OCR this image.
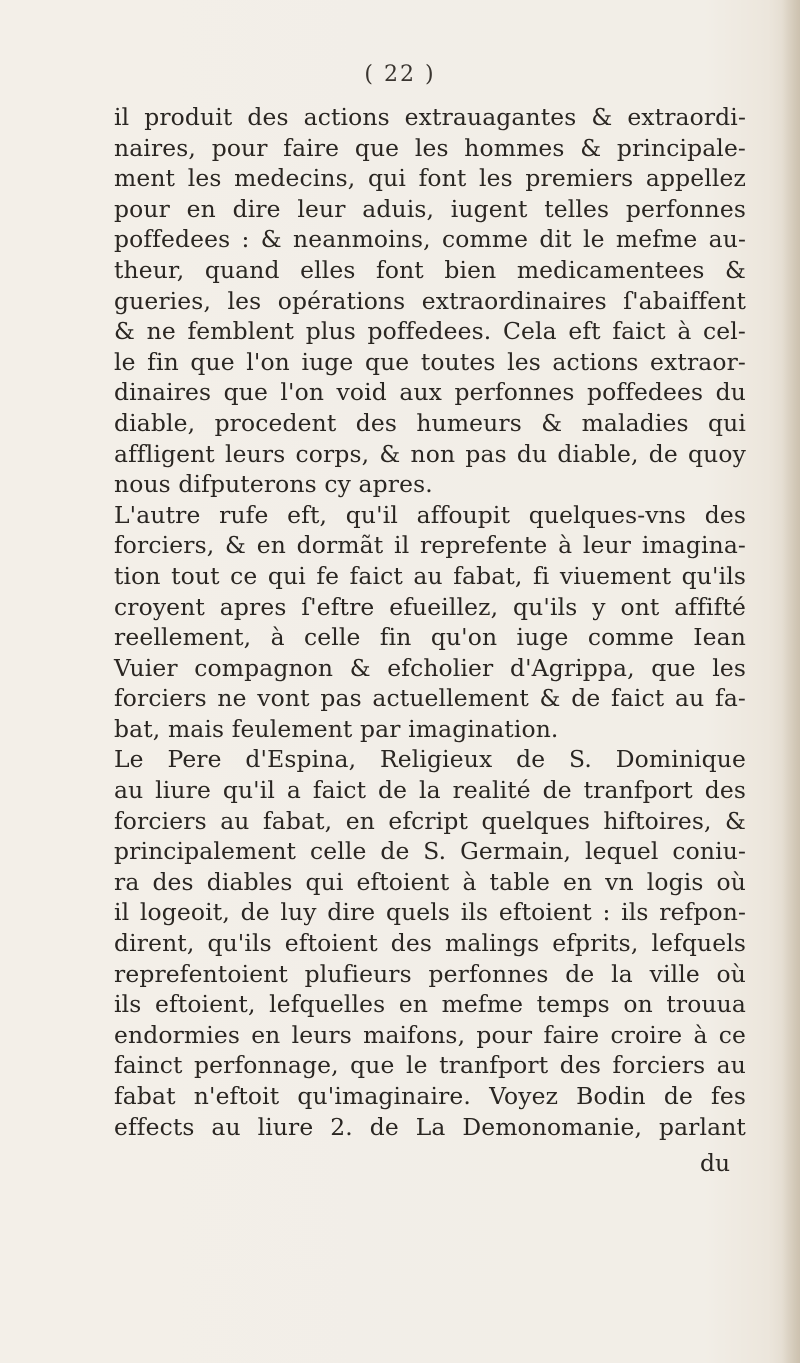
( 22 )
il produit des actions extrauagantes & extraordi-
naires, pour faire que les hommes & principale-
ment les medecins, qui font les premiers appellez
pour en dire leur aduis, iugent telles perfonnes
poffedees : & neanmoins, comme dit le mefme au-
theur, quand elles font bien medicamentees &
gueries, les opérations extraordinaires ſ'abaiffent
& ne femblent plus poffedees. Cela eft faict à cel-
le fin que l'on iuge que toutes les actions extraor-
dinaires que l'on void aux perfonnes poffedees du
diable, procedent des humeurs & maladies qui
affligent leurs corps, & non pas du diable, de quoy
nous difputerons cy apres.
L'autre rufe eft, qu'il affoupit quelques-vns des
forciers, & en dormãt il reprefente à leur imagina-
tion tout ce qui fe faict au fabat, fi viuement qu'ils
croyent apres ſ'eftre efueillez, qu'ils y ont affifté
reellement, à celle fin qu'on iuge comme Iean
Vuier compagnon & efcholier d'Agrippa, que les
forciers ne vont pas actuellement & de faict au fa-
bat, mais feulement par imagination.
Le Pere d'Espina, Religieux de S. Dominique
au liure qu'il a faict de la realité de tranfport des
forciers au fabat, en efcript quelques hiftoires, &
principalement celle de S. Germain, lequel coniu-
ra des diables qui eftoient à table en vn logis où
il logeoit, de luy dire quels ils eftoient : ils refpon-
dirent, qu'ils eftoient des malings efprits, lefquels
reprefentoient plufieurs perfonnes de la ville où
ils eftoient, lefquelles en mefme temps on trouua
endormies en leurs maifons, pour faire croire à ce
fainct perfonnage, que le tranfport des forciers au
fabat n'eftoit qu'imaginaire. Voyez Bodin de fes
effects au liure 2. de La Demonomanie, parlant
du
